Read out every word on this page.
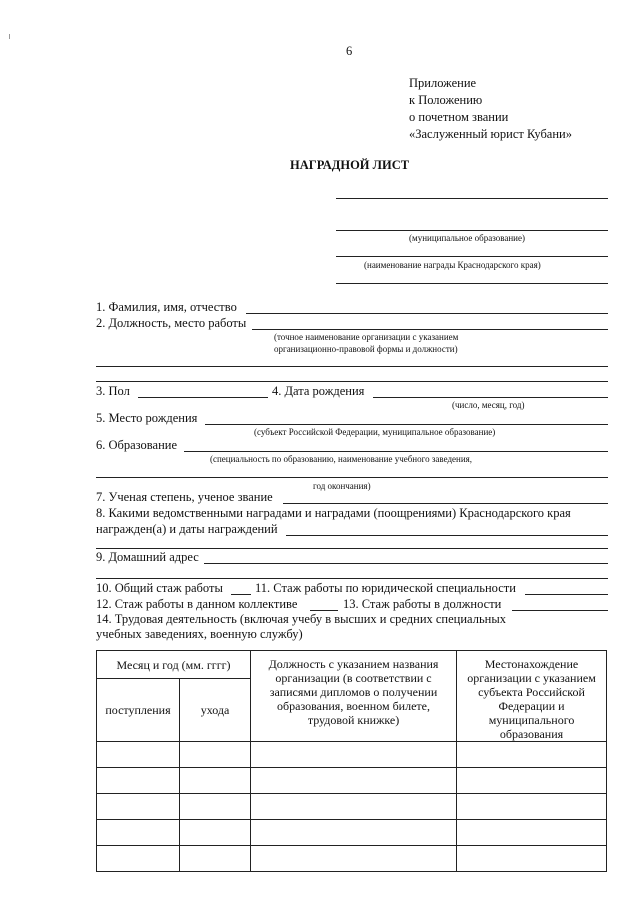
6
Приложение
к Положению
о почетном звании
«Заслуженный юрист Кубани»
НАГРАДНОЙ ЛИСТ
(муниципальное образование)
(наименование награды Краснодарского края)
1. Фамилия, имя, отчество
2. Должность, место работы
(точное наименование организации с указанием
организационно-правовой формы и должности)
3. Пол	4. Дата рождения
(число, месяц, год)
5. Место рождения
(субъект Российской Федерации, муниципальное образование)
6. Образование
(специальность по образованию, наименование учебного заведения,
год окончания)
7. Ученая степень, ученое звание
8. Какими ведомственными наградами и наградами (поощрениями) Краснодарского края
награжден(а) и даты награждений
9. Домашний адрес
10. Общий стаж работы	11. Стаж работы по юридической специальности
12. Стаж работы в данном коллективе	13. Стаж работы в должности
14. Трудовая деятельность (включая учебу в высших и средних специальных
учебных заведениях, военную службу)
Месяц и год (мм. гггг)		Должность с указанием названия организации (в соответствии с записями дипломов о получении образования, военном билете, трудовой книжке)	Местонахождение организации с указанием субъекта Российской Федерации и муниципального образования
поступления	ухода		
